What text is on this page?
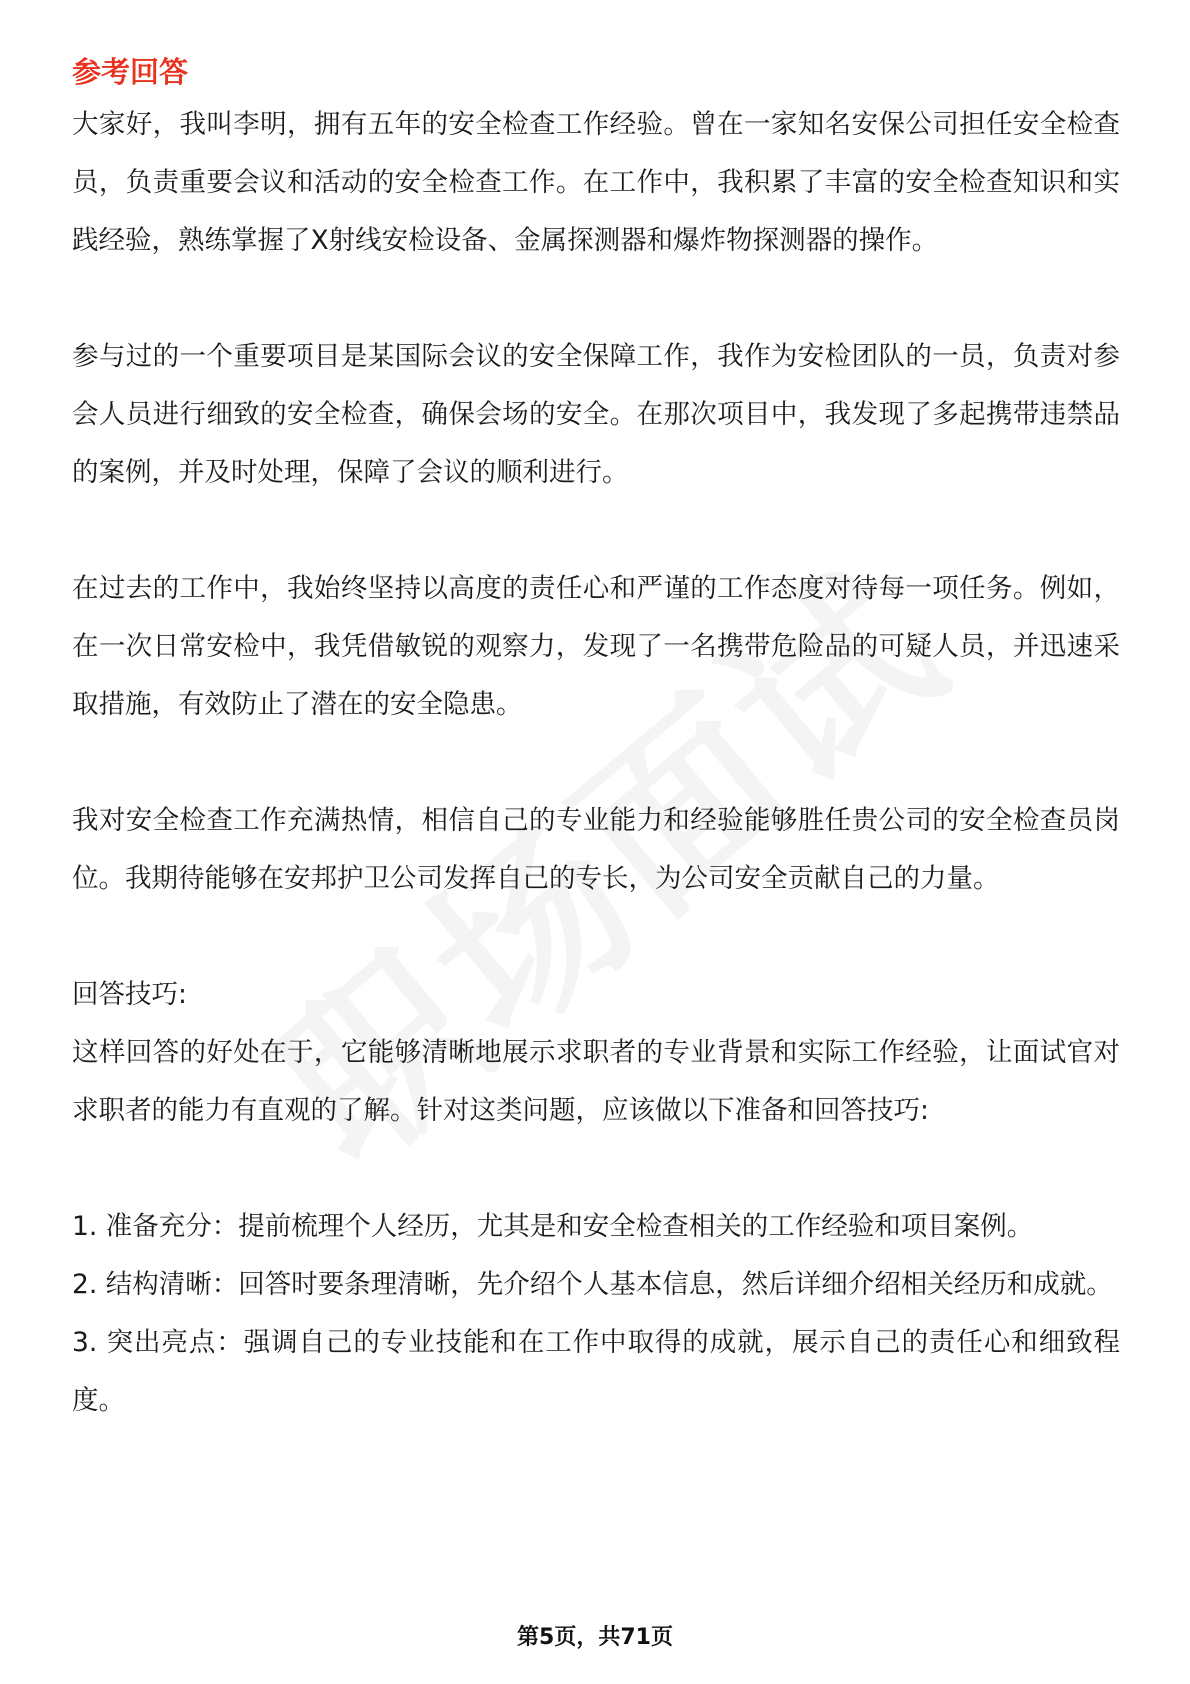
参考回答

大家好，我叫李明，拥有五年的安全检查工作经验。曾在一家知名安保公司担任安全检查员，负责重要会议和活动的安全检查工作。在工作中，我积累了丰富的安全检查知识和实践经验，熟练掌握了X射线安检设备、金属探测器和爆炸物探测器的操作。

参与过的一个重要项目是某国际会议的安全保障工作，我作为安检团队的一员，负责对参会人员进行细致的安全检查，确保会场的安全。在那次项目中，我发现了多起携带违禁品的案例，并及时处理，保障了会议的顺利进行。

在过去的工作中，我始终坚持以高度的责任心和严谨的工作态度对待每一项任务。例如，在一次日常安检中，我凭借敏锐的观察力，发现了一名携带危险品的可疑人员，并迅速采取措施，有效防止了潜在的安全隐患。

我对安全检查工作充满热情，相信自己的专业能力和经验能够胜任贵公司的安全检查员岗位。我期待能够在安邦护卫公司发挥自己的专长，为公司安全贡献自己的力量。

回答技巧:

这样回答的好处在于，它能够清晰地展示求职者的专业背景和实际工作经验，让面试官对求职者的能力有直观的了解。针对这类问题，应该做以下准备和回答技巧:

1. 准备充分：提前梳理个人经历，尤其是和安全检查相关的工作经验和项目案例。

2. 结构清晰：回答时要条理清晰，先介绍个人基本信息，然后详细介绍相关经历和成就。

3. 突出亮点：强调自己的专业技能和在工作中取得的成就，展示自己的责任心和细致程度。

第5页，共71页
